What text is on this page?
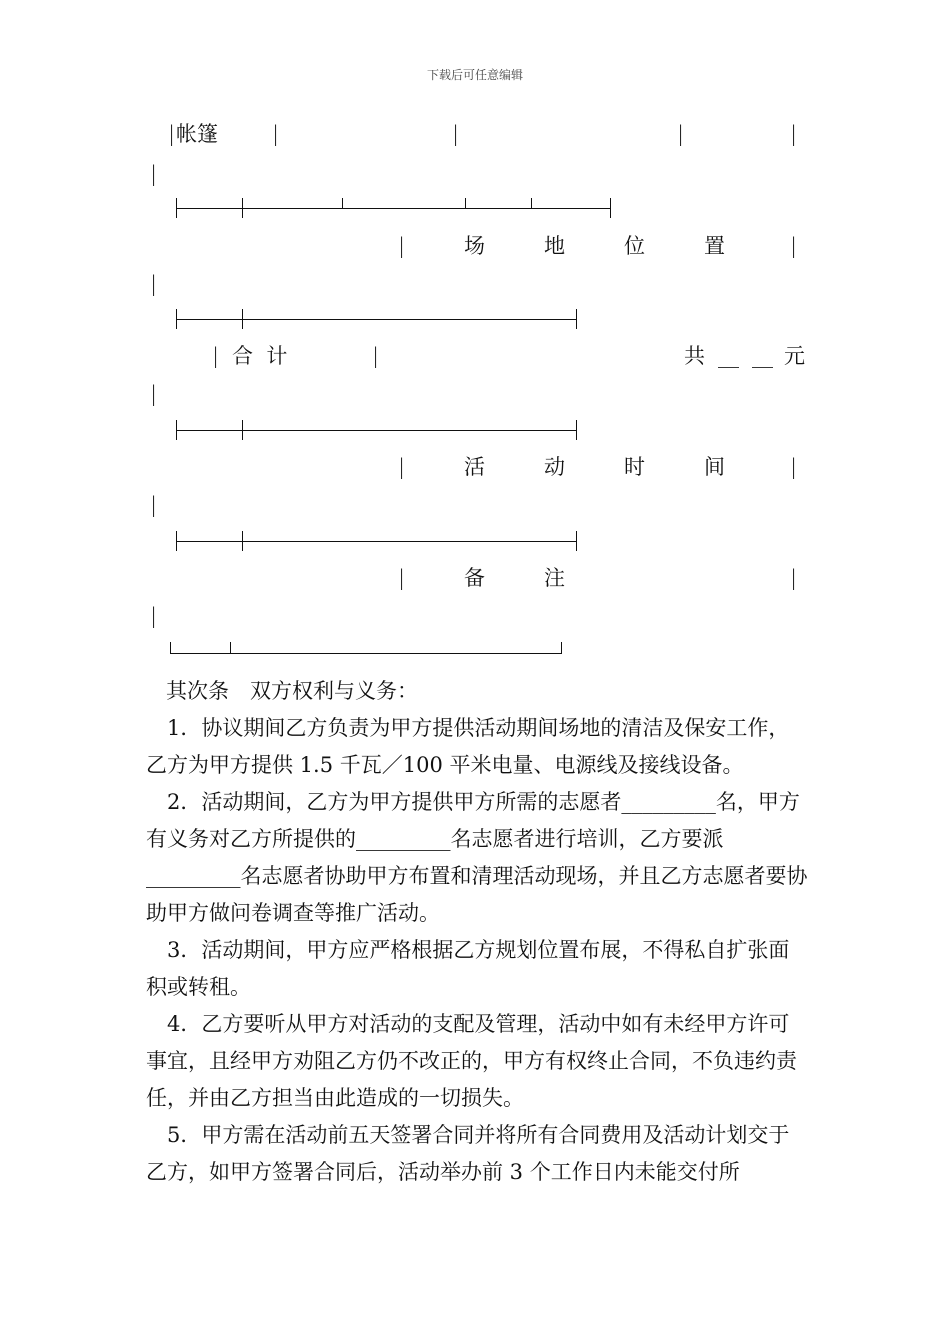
下载后可任意编辑
| 帐篷	|	|	|	|
|
|	场	地	位	置	|
|
| 合  计	|	共 __ __ 元
|
|	活	动	时	间	|
|
|	备	注	|
|
其次条　双方权利与义务：

1．协议期间乙方负责为甲方提供活动期间场地的清洁及保安工作，乙方为甲方提供 1.5 千瓦／100 平米电量、电源线及接线设备。

2．活动期间，乙方为甲方提供甲方所需的志愿者_________名，甲方有义务对乙方所提供的_________名志愿者进行培训，乙方要派_________名志愿者协助甲方布置和清理活动现场，并且乙方志愿者要协助甲方做问卷调查等推广活动。

3．活动期间，甲方应严格根据乙方规划位置布展，不得私自扩张面积或转租。

4．乙方要听从甲方对活动的支配及管理，活动中如有未经甲方许可事宜，且经甲方劝阻乙方仍不改正的，甲方有权终止合同，不负违约责任，并由乙方担当由此造成的一切损失。

5．甲方需在活动前五天签署合同并将所有合同费用及活动计划交于乙方，如甲方签署合同后，活动举办前 3 个工作日内未能交付所
